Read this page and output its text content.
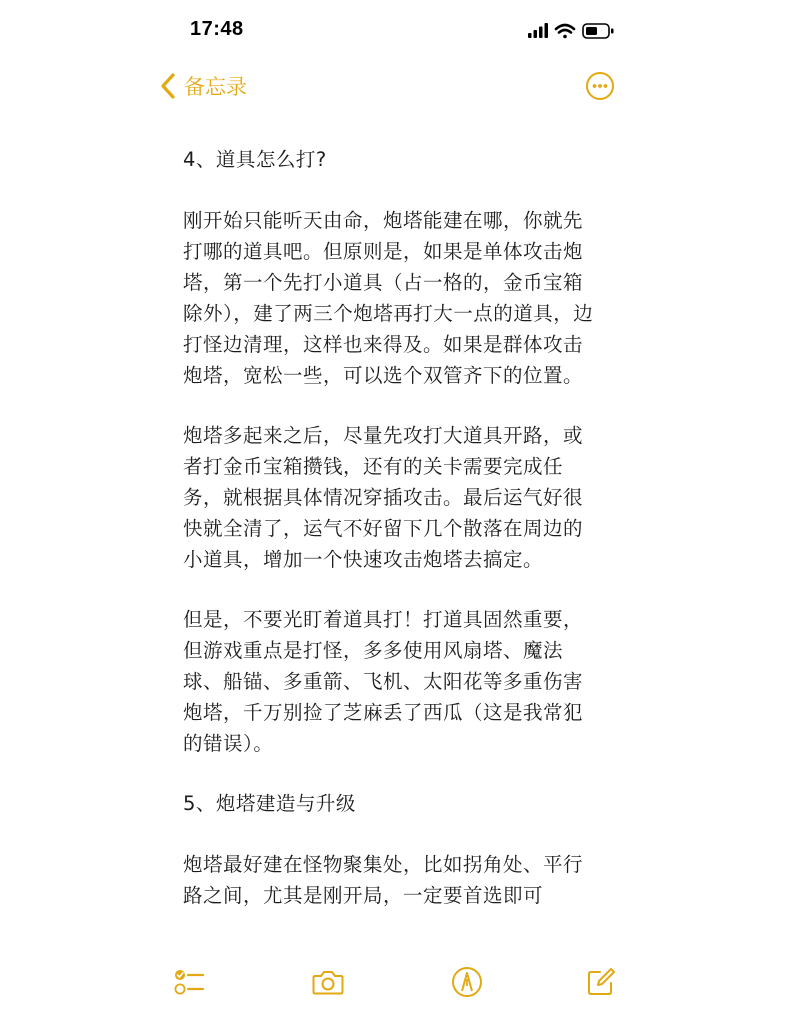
17:48
备忘录

4、道具怎么打?

刚开始只能听天由命，炮塔能建在哪，你就先打哪的道具吧。但原则是，如果是单体攻击炮塔，第一个先打小道具（占一格的，金币宝箱除外），建了两三个炮塔再打大一点的道具，边打怪边清理，这样也来得及。如果是群体攻击炮塔，宽松一些，可以选个双管齐下的位置。

炮塔多起来之后，尽量先攻打大道具开路，或者打金币宝箱攒钱，还有的关卡需要完成任务，就根据具体情况穿插攻击。最后运气好很快就全清了，运气不好留下几个散落在周边的小道具，增加一个快速攻击炮塔去搞定。

但是，不要光盯着道具打！打道具固然重要，但游戏重点是打怪，多多使用风扇塔、魔法球、船锚、多重箭、飞机、太阳花等多重伤害炮塔，千万别捡了芝麻丢了西瓜（这是我常犯的错误）。

5、炮塔建造与升级

炮塔最好建在怪物聚集处，比如拐角处、平行路之间，尤其是刚开局，一定要首选即可
